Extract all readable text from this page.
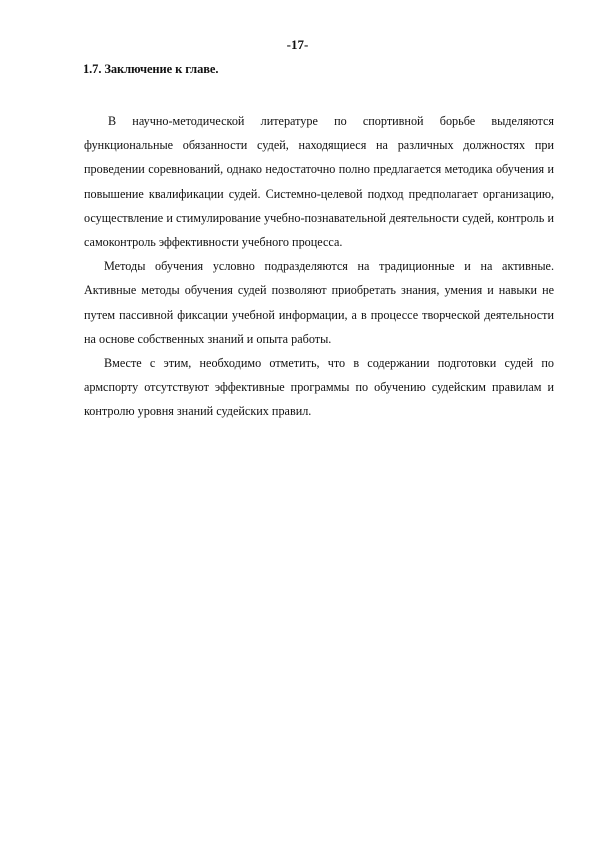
-17-
1.7. Заключение к главе.

В научно-методической литературе по спортивной борьбе выделяются функциональные обязанности судей, находящиеся на различных должностях при проведении соревнований, однако недостаточно полно предлагается методика обучения и повышение квалификации судей. Системно-целевой подход предполагает организацию, осуществление и стимулирование учебно-познавательной деятельности судей, контроль и самоконтроль эффективности учебного процесса.

Методы обучения условно подразделяются на традиционные и на активные. Активные методы обучения судей позволяют приобретать знания, умения и навыки не путем пассивной фиксации учебной информации, а в процессе творческой деятельности на основе собственных знаний и опыта работы.

Вместе с этим, необходимо отметить, что в содержании подготовки судей по армспорту отсутствуют эффективные программы по обучению судейским правилам и контролю уровня знаний судейских правил.
